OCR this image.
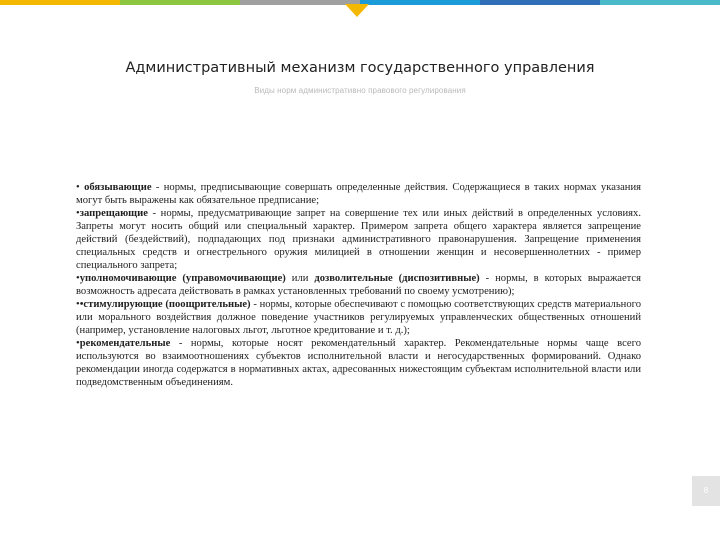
Административный механизм государственного управления
Виды норм административно правового регулирования

• обязывающие - нормы, предписывающие совершать определенные действия. Содержащиеся в таких нормах указания могут быть выражены как обязательное предписание;

•запрещающие - нормы, предусматривающие запрет на совершение тех или иных действий в определенных условиях. Запреты могут носить общий или специальный характер. Примером запрета общего характера является запрещение действий (бездействий), подпадающих под признаки административного правонарушения. Запрещение применения специальных средств и огнестрельного оружия милицией в отношении женщин и несовершеннолетних - пример специального запрета;

•уполномочивающие (управомочивающие) или дозволительные (диспозитивные) - нормы, в которых выражается возможность адресата действовать в рамках установленных требований по своему усмотрению);

••стимулирующие (поощрительные) - нормы, которые обеспечивают с помощью соответствующих средств материального или морального воздействия должное поведение участников регулируемых управленческих общественных отношений (например, установление налоговых льгот, льготное кредитование и т. д.);

•рекомендательные - нормы, которые носят рекомендательный характер. Рекомендательные нормы чаще всего используются во взаимоотношениях субъектов исполнительной власти и негосударственных формирований. Однако рекомендации иногда содержатся в нормативных актах, адресованных нижестоящим субъектам исполнительной власти или подведомственным объединениям.

8
